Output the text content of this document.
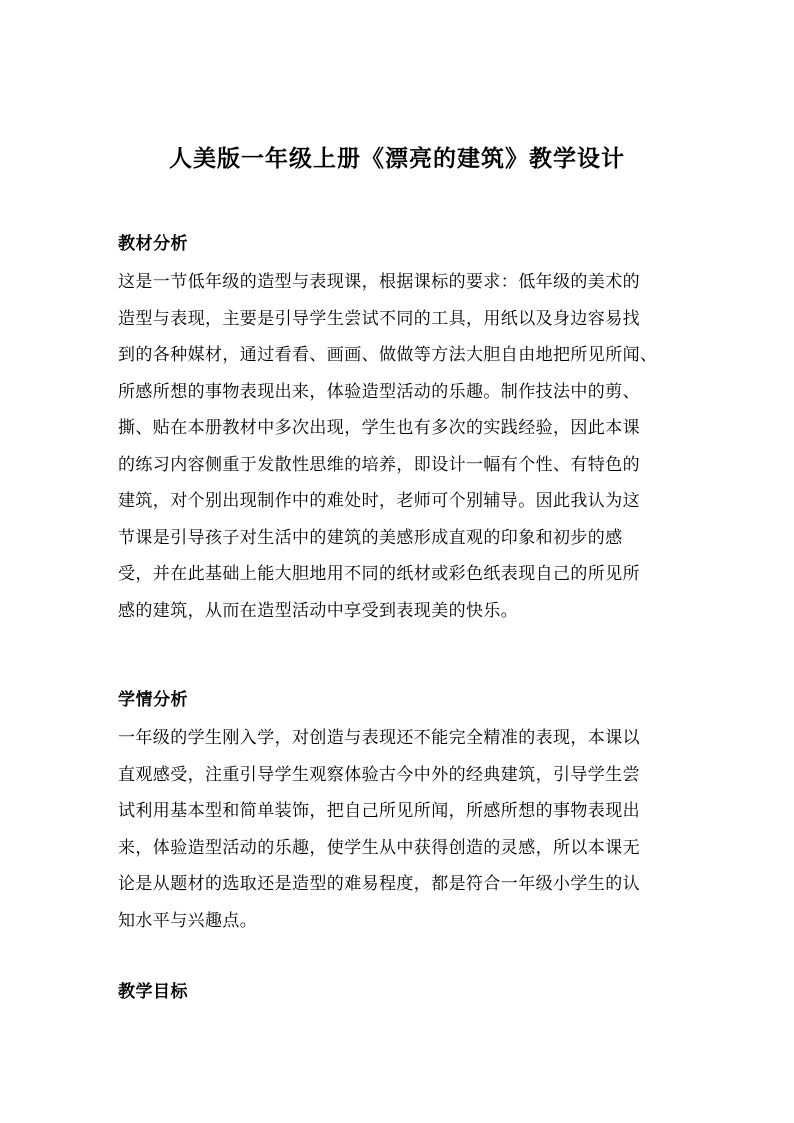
人美版一年级上册《漂亮的建筑》教学设计
教材分析
这是一节低年级的造型与表现课，根据课标的要求：低年级的美术的
造型与表现，主要是引导学生尝试不同的工具，用纸以及身边容易找
到的各种媒材，通过看看、画画、做做等方法大胆自由地把所见所闻、
所感所想的事物表现出来，体验造型活动的乐趣。制作技法中的剪、
撕、贴在本册教材中多次出现，学生也有多次的实践经验，因此本课
的练习内容侧重于发散性思维的培养，即设计一幅有个性、有特色的
建筑，对个别出现制作中的难处时，老师可个别辅导。因此我认为这
节课是引导孩子对生活中的建筑的美感形成直观的印象和初步的感
受，并在此基础上能大胆地用不同的纸材或彩色纸表现自己的所见所
感的建筑，从而在造型活动中享受到表现美的快乐。
学情分析
一年级的学生刚入学，对创造与表现还不能完全精准的表现，本课以
直观感受，注重引导学生观察体验古今中外的经典建筑，引导学生尝
试利用基本型和简单装饰，把自己所见所闻，所感所想的事物表现出
来，体验造型活动的乐趣，使学生从中获得创造的灵感，所以本课无
论是从题材的选取还是造型的难易程度，都是符合一年级小学生的认
知水平与兴趣点。
教学目标
